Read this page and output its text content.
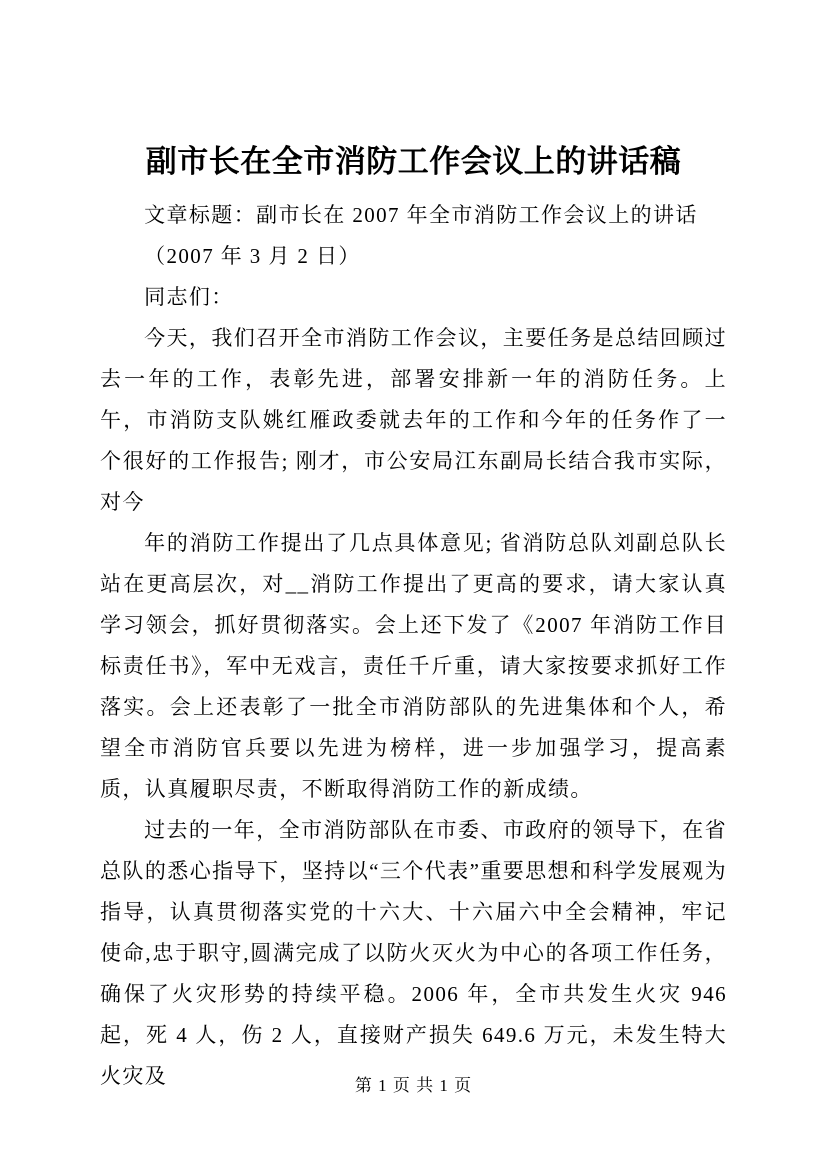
副市长在全市消防工作会议上的讲话稿

文章标题：副市长在 2007 年全市消防工作会议上的讲话

（2007 年 3 月 2 日）

同志们：

今天，我们召开全市消防工作会议，主要任务是总结回顾过去一年的工作，表彰先进，部署安排新一年的消防任务。上午，市消防支队姚红雁政委就去年的工作和今年的任务作了一个很好的工作报告; 刚才，市公安局江东副局长结合我市实际，对今

年的消防工作提出了几点具体意见; 省消防总队刘副总队长站在更高层次，对__消防工作提出了更高的要求，请大家认真学习领会，抓好贯彻落实。会上还下发了《2007 年消防工作目标责任书》，军中无戏言，责任千斤重，请大家按要求抓好工作落实。会上还表彰了一批全市消防部队的先进集体和个人，希望全市消防官兵要以先进为榜样，进一步加强学习，提高素质，认真履职尽责，不断取得消防工作的新成绩。

过去的一年，全市消防部队在市委、市政府的领导下，在省总队的悉心指导下，坚持以“三个代表”重要思想和科学发展观为指导，认真贯彻落实党的十六大、十六届六中全会精神，牢记使命,忠于职守,圆满完成了以防火灭火为中心的各项工作任务，确保了火灾形势的持续平稳。2006 年，全市共发生火灾 946 起，死 4 人，伤 2 人，直接财产损失 649.6 万元，未发生特大火灾及	第 1 页 共 1 页
